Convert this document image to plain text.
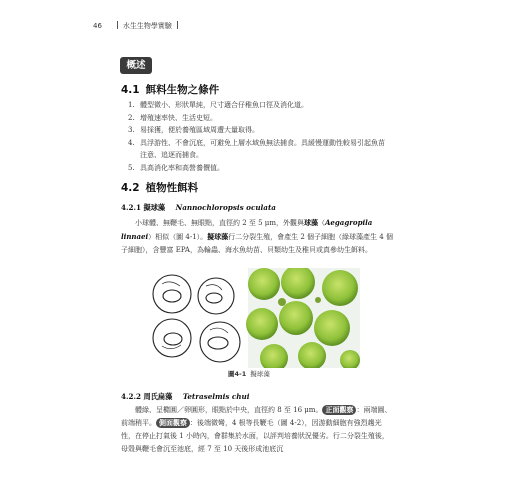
46	水生生物學實驗
概述
4.1 餌料生物之條件
1. 體型微小、形狀單純，尺寸適合仔稚魚口徑及消化道。
2. 增殖速率快、生活史短。
3. 易採獲，便於養殖區域周遭大量取得。
4. 具浮游性、不會沉底，可避免上層水域魚無法捕食。具緩慢運動性較易引起魚苗注意、追逐而捕食。
5. 具高消化率和高營養價值。
4.2 植物性餌料
4.2.1 擬球藻 Nannochloropsis oculata
小球體、無鞭毛、無眼點，直徑約 2 至 5 μm，外觀與球藻（Aegagropila linnaei）相似（圖 4-1）。擬球藻行二分裂生殖，會產生 2 個子細胞（綠球藻產生 4 個子細胞），含豐富 EPA，為輪蟲、海水魚幼苗、貝類幼生及稚貝或真參幼生餌料。
圖4-1 擬球藻
4.2.2 周氏扁藻 Tetraselmis chui
體綠、呈橢圓／卵圓形，眼點於中央，直徑約 8 至 16 μm。 正面觀察 ：兩端圓、前端稍平。 側面觀察 ：後端微彎，4 根等長鞭毛（圖 4-2），因游動細胞有強烈趨光性，在停止打氣後 1 小時內，會群集於水面，以評判培養狀況優劣。行二分裂生殖後，母殼與鞭毛會沉至池底，經 7 至 10 天後形成池底沉
